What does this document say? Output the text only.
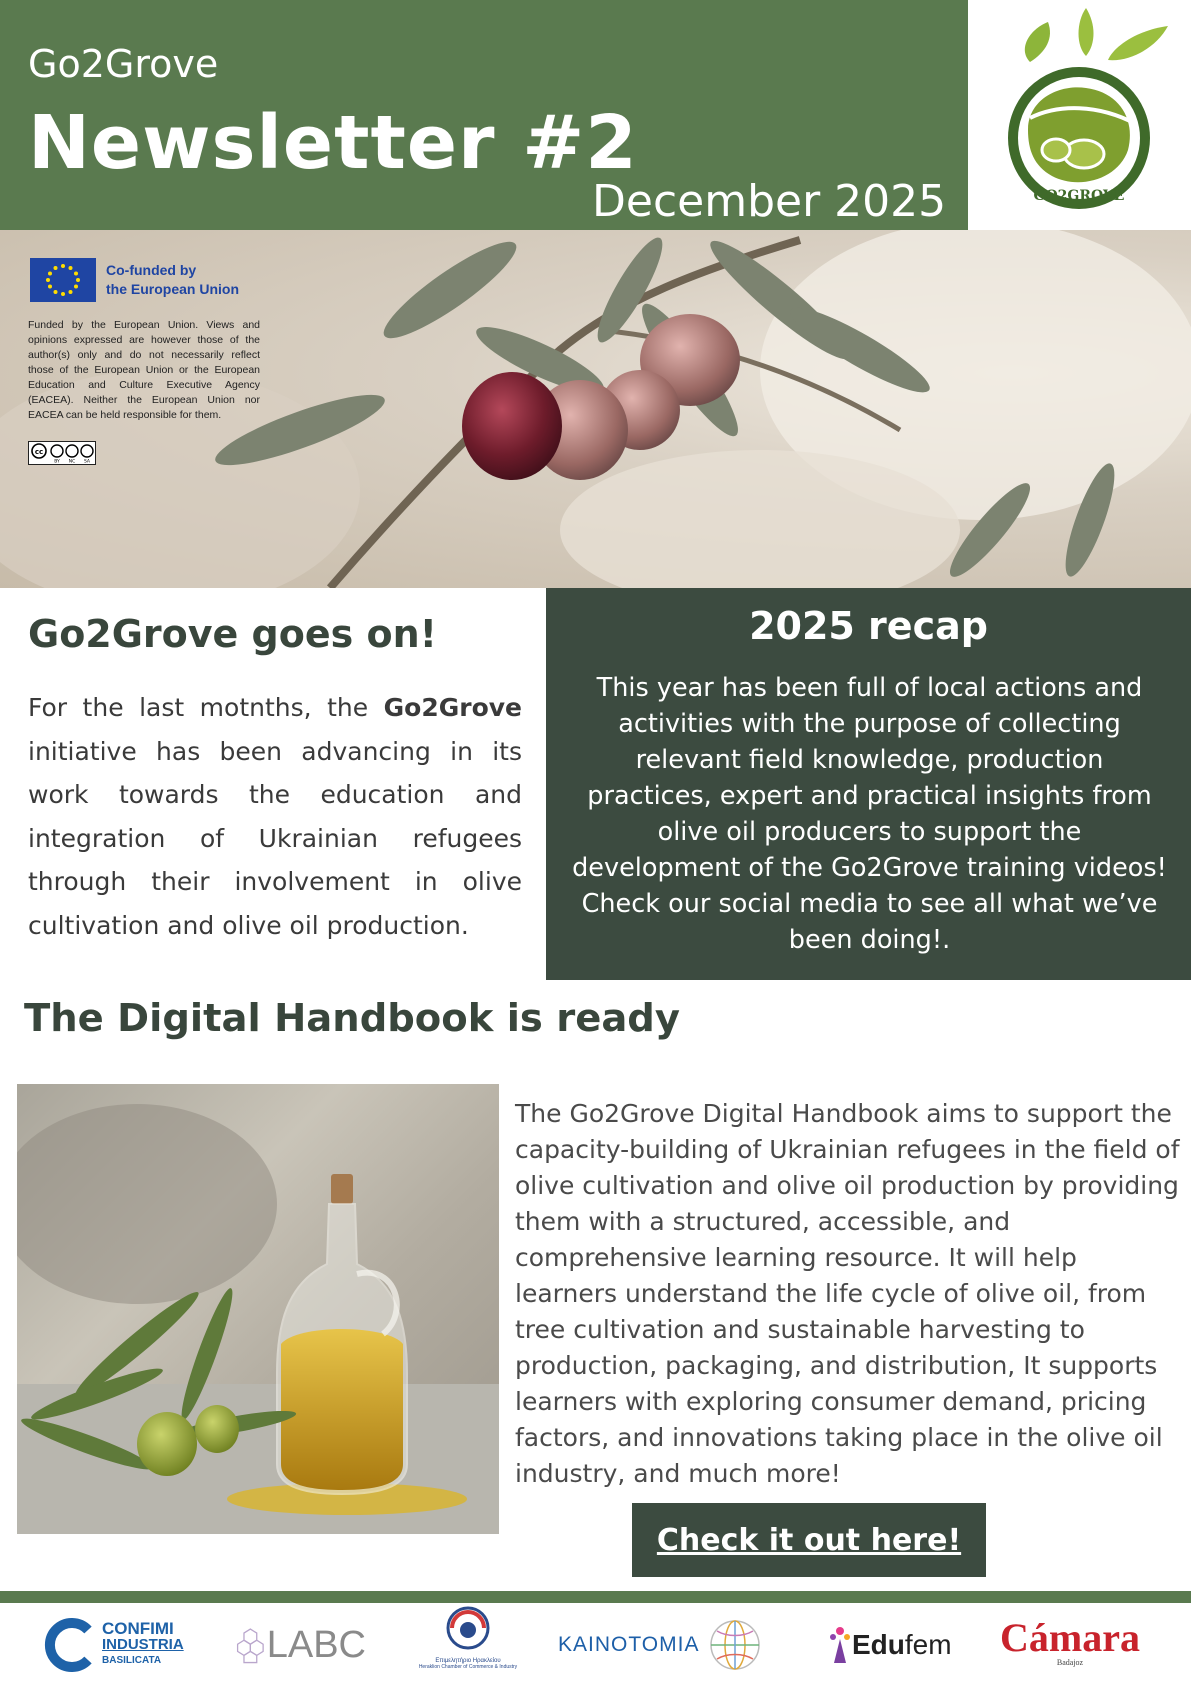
Go2Grove
Newsletter #2
December 2025	GO2GROVE
Co-funded by
the European Union
Funded by the European Union. Views and opinions expressed are however those of the author(s) only and do not necessarily reflect those of the European Union or the European Education and Culture Executive Agency (EACEA). Neither the European Union nor EACEA can be held responsible for them.
cc
BY NC SA
Go2Grove goes on!
For the last motnths, the Go2Grove initiative has been advancing in its work towards the education and integration of Ukrainian refugees through their involvement in olive cultivation and olive oil production.
2025 recap
This year has been full of local actions and activities with the purpose of collecting relevant field knowledge, production practices, expert and practical insights from olive oil producers to support the development of the Go2Grove training videos! Check our social media to see all what we’ve been doing!.
The Digital Handbook is ready
The Go2Grove Digital Handbook aims to support the capacity-building of Ukrainian refugees in the field of olive cultivation and olive oil production by providing them with a structured, accessible, and comprehensive learning resource. It will help learners understand the life cycle of olive oil, from tree cultivation and sustainable harvesting to production, packaging, and distribution, It supports learners with exploring consumer demand, pricing factors, and innovations taking place in the olive oil industry, and much more!
Check it out here!
CONFIMI
INDUSTRIA
BASILICATA	LABC	Επιμελητήριο Ηρακλείου
Heraklion Chamber of Commerce & Industry
KAINOTOMIA	Edu fem Cámara
Badajoz
